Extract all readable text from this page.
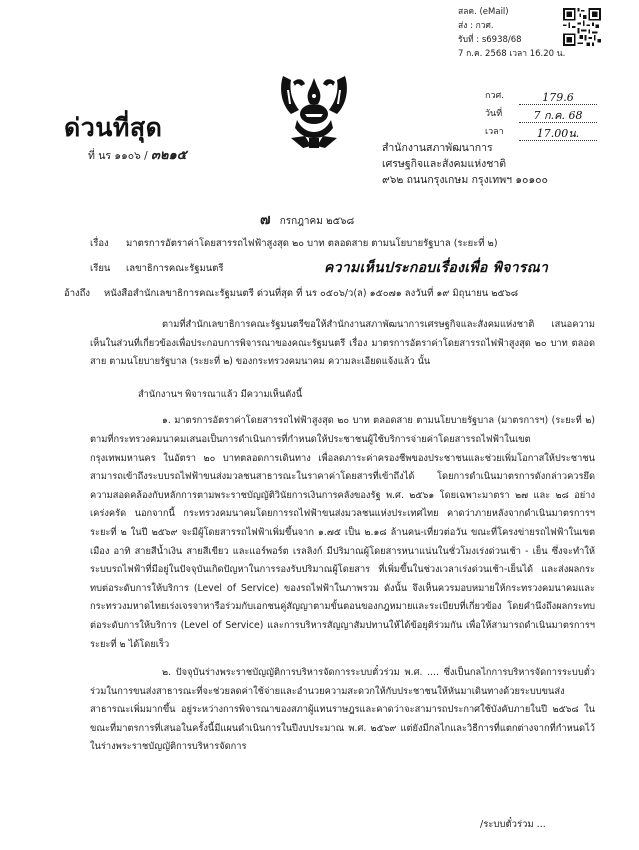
สลค. (eMail)
ส่ง : กวศ.
รับที่ : s6938/68
7 ก.ค. 2568 เวลา 16.20 น.
กวศ.	179.6
วันที่	7 ก.ค. 68
เวลา	17.00น.
ด่วนที่สุด
ที่ นร ๑๑๐๖ / ๓๒๑๕	สำนักงานสภาพัฒนาการ
เศรษฐกิจและสังคมแห่งชาติ
๙๖๒ ถนนกรุงเกษม กรุงเทพฯ ๑๐๑๐๐
๗ กรกฎาคม ๒๕๖๘
เรื่อง	มาตรการอัตราค่าโดยสารรถไฟฟ้าสูงสุด ๒๐ บาท ตลอดสาย ตามนโยบายรัฐบาล (ระยะที่ ๒)
เรียน	เลขาธิการคณะรัฐมนตรี	ความเห็นประกอบเรื่องเพื่อ พิจารณา
อ้างถึง	หนังสือสำนักเลขาธิการคณะรัฐมนตรี ด่วนที่สุด ที่ นร ๐๕๐๖/ว(ล) ๑๕๐๗๑ ลงวันที่ ๑๙ มิถุนายน ๒๕๖๘

ตามที่สำนักเลขาธิการคณะรัฐมนตรีขอให้สำนักงานสภาพัฒนาการเศรษฐกิจและสังคมแห่งชาติ เสนอความเห็นในส่วนที่เกี่ยวข้องเพื่อประกอบการพิจารณาของคณะรัฐมนตรี เรื่อง มาตรการอัตราค่าโดยสารรถไฟฟ้าสูงสุด ๒๐ บาท ตลอดสาย ตามนโยบายรัฐบาล (ระยะที่ ๒) ของกระทรวงคมนาคม ความละเอียดแจ้งแล้ว นั้น

สำนักงานฯ พิจารณาแล้ว มีความเห็นดังนี้

๑. มาตรการอัตราค่าโดยสารรถไฟฟ้าสูงสุด ๒๐ บาท ตลอดสาย ตามนโยบายรัฐบาล (มาตรการฯ) (ระยะที่ ๒) ตามที่กระทรวงคมนาคมเสนอเป็นการดำเนินการที่กำหนดให้ประชาชนผู้ใช้บริการจ่ายค่าโดยสารรถไฟฟ้าในเขตกรุงเทพมหานคร ในอัตรา ๒๐ บาทตลอดการเดินทาง เพื่อลดภาระค่าครองชีพของประชาชนและช่วยเพิ่มโอกาสให้ประชาชนสามารถเข้าถึงระบบรถไฟฟ้าขนส่งมวลชนสาธารณะในราคาค่าโดยสารที่เข้าถึงได้ โดยการดำเนินมาตรการดังกล่าวควรยึดความสอดคล้องกับหลักการตามพระราชบัญญัติวินัยการเงินการคลังของรัฐ พ.ศ. ๒๕๖๑ โดยเฉพาะมาตรา ๒๗ และ ๒๘ อย่างเคร่งครัด นอกจากนี้ กระทรวงคมนาคมโดยการรถไฟฟ้าขนส่งมวลชนแห่งประเทศไทย คาดว่าภายหลังจากดำเนินมาตรการฯ ระยะที่ ๒ ในปี ๒๕๖๙ จะมีผู้โดยสารรถไฟฟ้าเพิ่มขึ้นจาก ๑.๗๕ เป็น ๒.๑๘ ล้านคน-เที่ยวต่อวัน ขณะที่โครงข่ายรถไฟฟ้าในเขตเมือง อาทิ สายสีน้ำเงิน สายสีเขียว และแอร์พอร์ต เรลลิงก์ มีปริมาณผู้โดยสารหนาแน่นในชั่วโมงเร่งด่วนเช้า - เย็น ซึ่งจะทำให้ระบบรถไฟฟ้าที่มีอยู่ในปัจจุบันเกิดปัญหาในการรองรับปริมาณผู้โดยสาร ที่เพิ่มขึ้นในช่วงเวลาเร่งด่วนเช้า-เย็นได้ และส่งผลกระทบต่อระดับการให้บริการ (Level of Service) ของรถไฟฟ้าในภาพรวม ดังนั้น จึงเห็นควรมอบหมายให้กระทรวงคมนาคมและกระทรวงมหาดไทยเร่งเจรจาหารือร่วมกับเอกชนคู่สัญญาตามขั้นตอนของกฎหมายและระเบียบที่เกี่ยวข้อง โดยคำนึงถึงผลกระทบต่อระดับการให้บริการ (Level of Service) และการบริหารสัญญาสัมปทานให้ได้ข้อยุติร่วมกัน เพื่อให้สามารถดำเนินมาตรการฯ ระยะที่ ๒ ได้โดยเร็ว

๒. ปัจจุบันร่างพระราชบัญญัติการบริหารจัดการระบบตั๋วร่วม พ.ศ. .... ซึ่งเป็นกลไกการบริหารจัดการระบบตั๋วร่วมในการขนส่งสาธารณะที่จะช่วยลดค่าใช้จ่ายและอำนวยความสะดวกให้กับประชาชนให้หันมาเดินทางด้วยระบบขนส่งสาธารณะเพิ่มมากขึ้น อยู่ระหว่างการพิจารณาของสภาผู้แทนราษฎรและคาดว่าจะสามารถประกาศใช้บังคับภายในปี ๒๕๖๘ ในขณะที่มาตรการที่เสนอในครั้งนี้มีแผนดำเนินการในปีงบประมาณ พ.ศ. ๒๕๖๙ แต่ยังมีกลไกและวิธีการที่แตกต่างจากที่กำหนดไว้ในร่างพระราชบัญญัติการบริหารจัดการ

/ระบบตั๋วร่วม ...
